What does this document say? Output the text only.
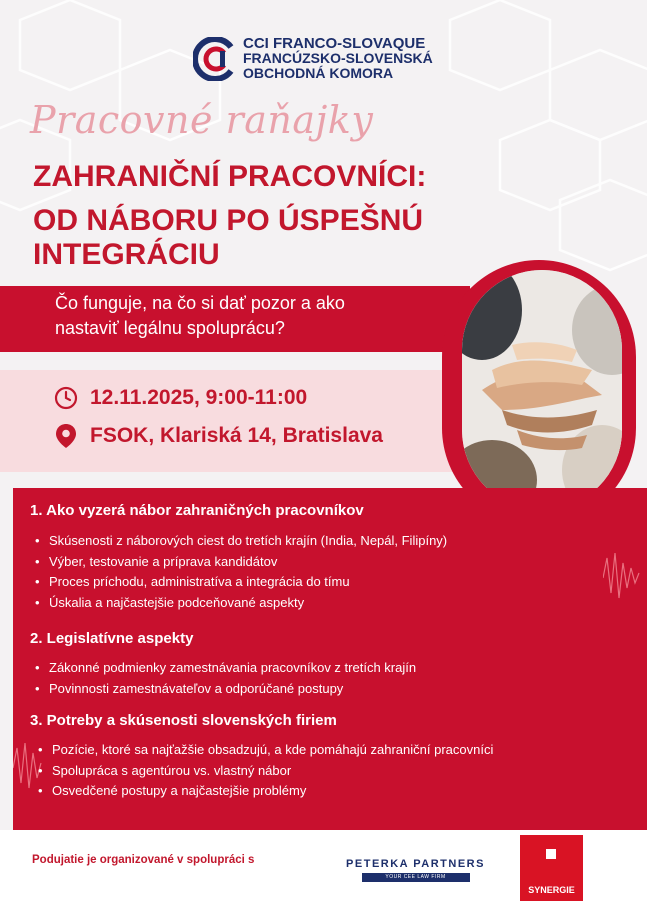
CCI FRANCO-SLOVAQUE
FRANCÚZSKO-SLOVENSKÁ
OBCHODNÁ KOMORA
Pracovné raňajky
ZAHRANIČNÍ PRACOVNÍCI:
OD NÁBORU PO ÚSPEŠNÚ
INTEGRÁCIU
Čo funguje, na čo si dať pozor a ako
nastaviť legálnu spoluprácu?
12.11.2025, 9:00-11:00
FSOK, Klariská 14, Bratislava
1. Ako vyzerá nábor zahraničných pracovníkov
• Skúsenosti z náborových ciest do tretích krajín (India, Nepál, Filipíny)
• Výber, testovanie a príprava kandidátov
• Proces príchodu, administratíva a integrácia do tímu
• Úskalia a najčastejšie podceňované aspekty
2. Legislatívne aspekty
• Zákonné podmienky zamestnávania pracovníkov z tretích krajín
• Povinnosti zamestnávateľov a odporúčané postupy
3. Potreby a skúsenosti slovenských firiem
• Pozície, ktoré sa najťažšie obsadzujú, a kde pomáhajú zahraniční pracovníci
• Spolupráca s agentúrou vs. vlastný nábor
• Osvedčené postupy a najčastejšie problémy
Podujatie je organizované v spolupráci s	PETERKA PARTNERS
YOUR CEE LAW FIRM
SYNERGIE
